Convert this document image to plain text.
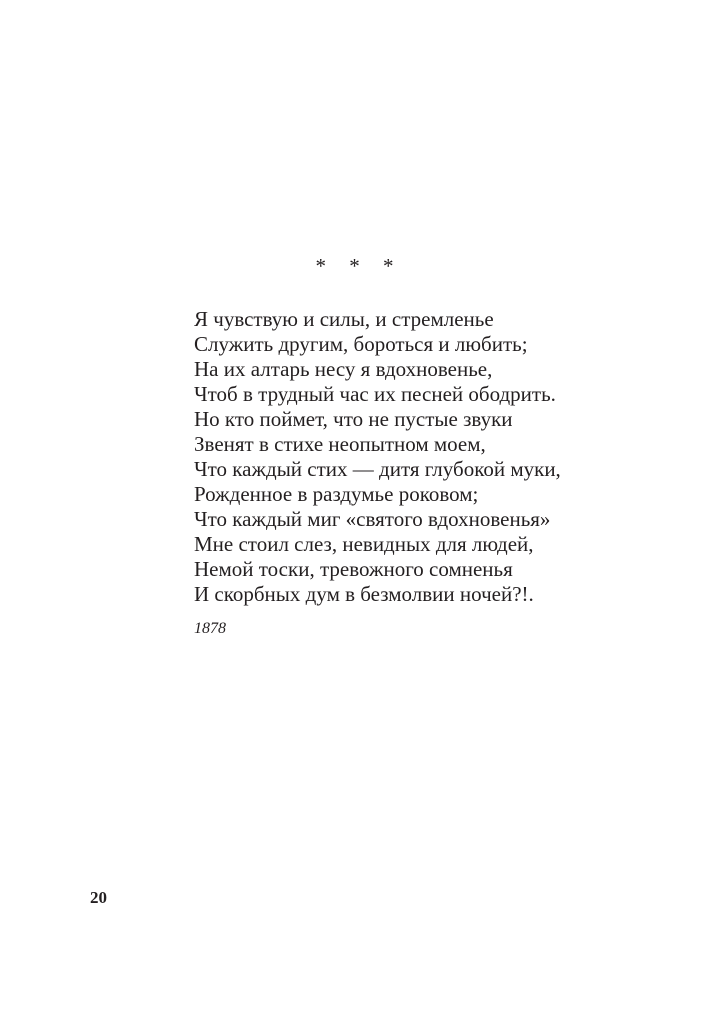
* * *
Я чувствую и силы, и стремленье
Служить другим, бороться и любить;
На их алтарь несу я вдохновенье,
Чтоб в трудный час их песней ободрить.
Но кто поймет, что не пустые звуки
Звенят в стихе неопытном моем,
Что каждый стих — дитя глубокой муки,
Рожденное в раздумье роковом;
Что каждый миг «святого вдохновенья»
Мне стоил слез, невидных для людей,
Немой тоски, тревожного сомненья
И скорбных дум в безмолвии ночей?!.
1878
20
